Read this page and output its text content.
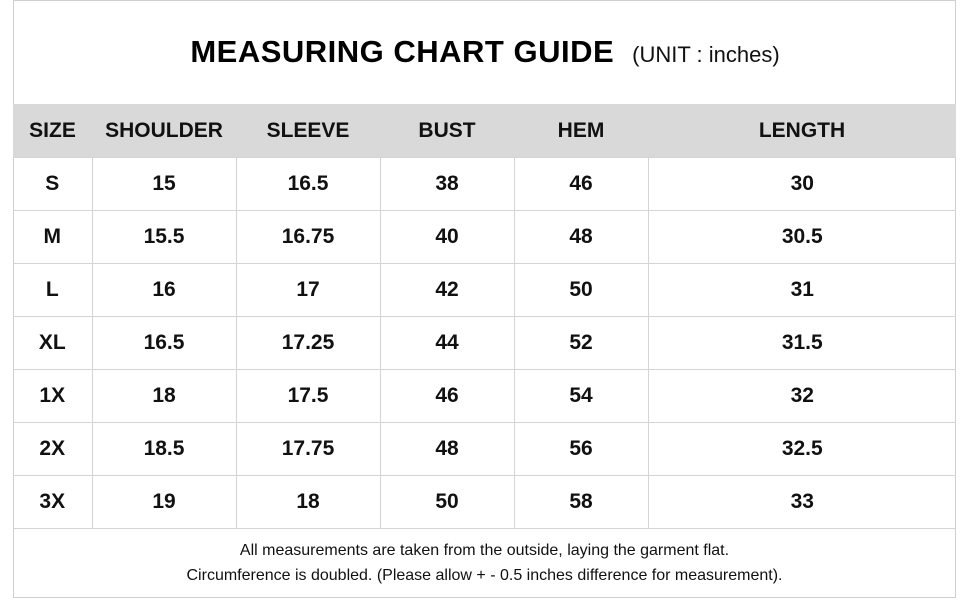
MEASURING CHART GUIDE (UNIT : inches)
SIZE	SHOULDER	SLEEVE	BUST	HEM	LENGTH
S	15	16.5	38	46	30
M	15.5	16.75	40	48	30.5
L	16	17	42	50	31
XL	16.5	17.25	44	52	31.5
1X	18	17.5	46	54	32
2X	18.5	17.75	48	56	32.5
3X	19	18	50	58	33
All measurements are taken from the outside, laying the garment flat.
Circumference is doubled. (Please allow + - 0.5 inches difference for measurement).
